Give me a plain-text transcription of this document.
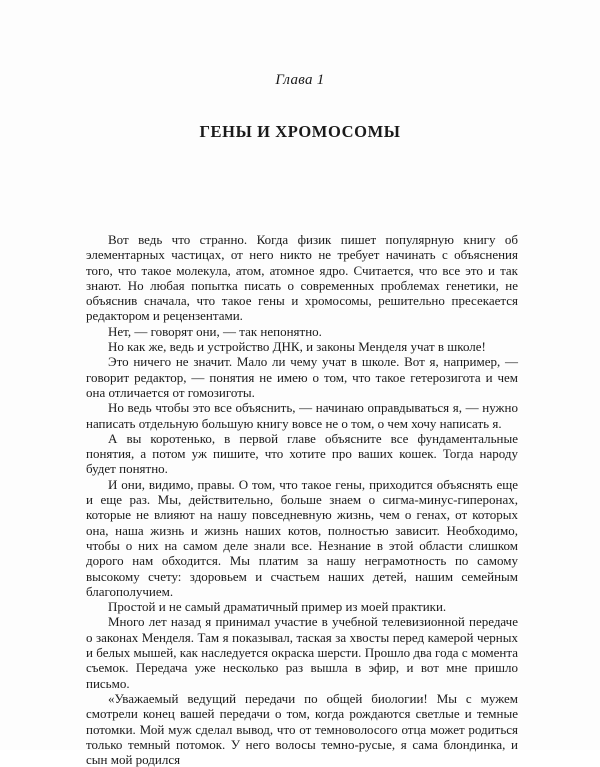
Глава 1
ГЕНЫ И ХРОМОСОМЫ

Вот ведь что странно. Когда физик пишет популярную книгу об элементарных частицах, от него никто не требует начинать с объяснения того, что такое молекула, атом, атомное ядро. Считается, что все это и так знают. Но любая попытка писать о современных проблемах генетики, не объяснив сначала, что такое гены и хромосомы, решительно пресекается редактором и рецензентами.

Нет, — говорят они, — так непонятно.

Но как же, ведь и устройство ДНК, и законы Менделя учат в школе!

Это ничего не значит. Мало ли чему учат в школе. Вот я, например, — говорит редактор, — понятия не имею о том, что такое гетерозигота и чем она отличается от гомозиготы.

Но ведь чтобы это все объяснить, — начинаю оправдываться я, — нужно написать отдельную большую книгу вовсе не о том, о чем хочу написать я.

А вы коротенько, в первой главе объясните все фундаментальные понятия, а потом уж пишите, что хотите про ваших кошек. Тогда народу будет понятно.

И они, видимо, правы. О том, что такое гены, приходится объяснять еще и еще раз. Мы, действительно, больше знаем о сигма-минус-гиперонах, которые не влияют на нашу повседневную жизнь, чем о генах, от которых она, наша жизнь и жизнь наших котов, полностью зависит. Необходимо, чтобы о них на самом деле знали все. Незнание в этой области слишком дорого нам обходится. Мы платим за нашу неграмотность по самому высокому счету: здоровьем и счастьем наших детей, нашим семейным благополучием.

Простой и не самый драматичный пример из моей практики.

Много лет назад я принимал участие в учебной телевизионной передаче о законах Менделя. Там я показывал, таская за хвосты перед камерой черных и белых мышей, как наследуется окраска шерсти. Прошло два года с момента съемок. Передача уже несколько раз вышла в эфир, и вот мне пришло письмо.

«Уважаемый ведущий передачи по общей биологии! Мы с мужем смотрели конец вашей передачи о том, когда рождаются светлые и темные потомки. Мой муж сделал вывод, что от темноволосого отца может родиться только темный потомок. У него волосы темно-русые, я сама блондинка, и сын мой родился
